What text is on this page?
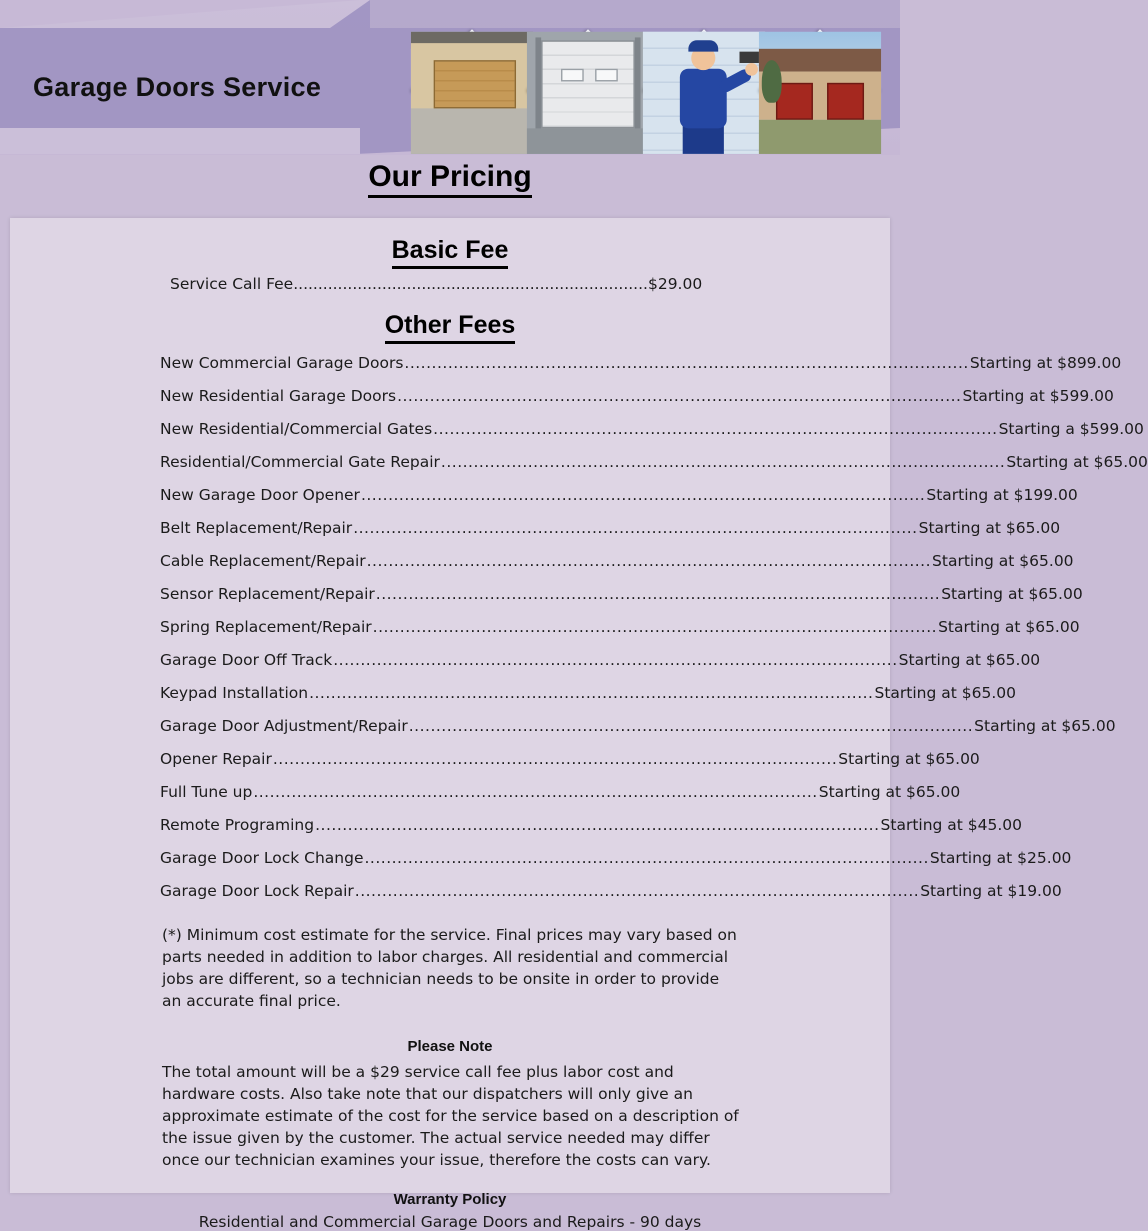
Garage Doors Service
Our Pricing
Basic Fee
Service Call Fee ........................................................................ $29.00
Other Fees
New Commercial Garage Doors ........................................................................................................ Starting at $899.00
New Residential Garage Doors ........................................................................................................ Starting at $599.00
New Residential/Commercial Gates ........................................................................................................ Starting a $599.00
Residential/Commercial Gate Repair ........................................................................................................ Starting at $65.00
New Garage Door Opener ........................................................................................................ Starting at $199.00
Belt Replacement/Repair ........................................................................................................ Starting at $65.00
Cable Replacement/Repair ........................................................................................................ Starting at $65.00
Sensor Replacement/Repair ........................................................................................................ Starting at $65.00
Spring Replacement/Repair ........................................................................................................ Starting at $65.00
Garage Door Off Track ........................................................................................................ Starting at $65.00
Keypad Installation ........................................................................................................ Starting at $65.00
Garage Door Adjustment/Repair ........................................................................................................ Starting at $65.00
Opener Repair ........................................................................................................ Starting at $65.00
Full Tune up ........................................................................................................ Starting at $65.00
Remote Programing ........................................................................................................ Starting at $45.00
Garage Door Lock Change ........................................................................................................ Starting at $25.00
Garage Door Lock Repair ........................................................................................................ Starting at $19.00
(*) Minimum cost estimate for the service. Final prices may vary based on parts needed in addition to labor charges. All residential and commercial jobs are different, so a technician needs to be onsite in order to provide an accurate final price.
Please Note
The total amount will be a $29 service call fee plus labor cost and hardware costs. Also take note that our dispatchers will only give an approximate estimate of the cost for the service based on a description of the issue given by the customer. The actual service needed may differ once our technician examines your issue, therefore the costs can vary.
Warranty Policy
Residential and Commercial Garage Doors and Repairs - 90 days
